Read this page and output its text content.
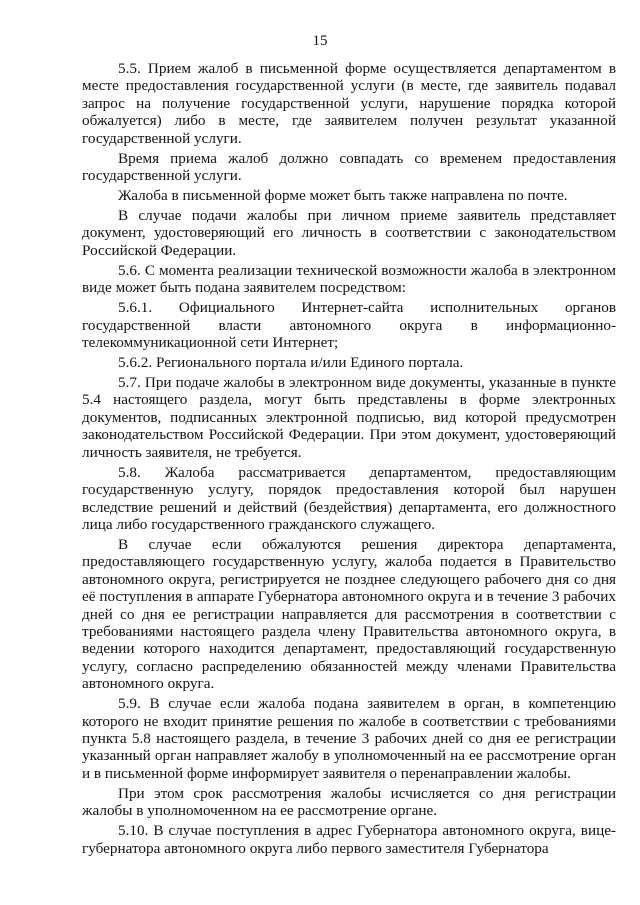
15

5.5. Прием жалоб в письменной форме осуществляется департаментом в месте предоставления государственной услуги (в месте, где заявитель подавал запрос на получение государственной услуги, нарушение порядка которой обжалуется) либо в месте, где заявителем получен результат указанной государственной услуги.

Время приема жалоб должно совпадать со временем предоставления государственной услуги.

Жалоба в письменной форме может быть также направлена по почте.

В случае подачи жалобы при личном приеме заявитель представляет документ, удостоверяющий его личность в соответствии с законодательством Российской Федерации.

5.6. С момента реализации технической возможности жалоба в электронном виде может быть подана заявителем посредством:

5.6.1. Официального Интернет-сайта исполнительных органов государственной власти автономного округа в информационно-телекоммуникационной сети Интернет;

5.6.2. Регионального портала и/или Единого портала.

5.7. При подаче жалобы в электронном виде документы, указанные в пункте 5.4 настоящего раздела, могут быть представлены в форме электронных документов, подписанных электронной подписью, вид которой предусмотрен законодательством Российской Федерации. При этом документ, удостоверяющий личность заявителя, не требуется.

5.8. Жалоба рассматривается департаментом, предоставляющим государственную услугу, порядок предоставления которой был нарушен вследствие решений и действий (бездействия) департамента, его должностного лица либо государственного гражданского служащего.

В случае если обжалуются решения директора департамента, предоставляющего государственную услугу, жалоба подается в Правительство автономного округа, регистрируется не позднее следующего рабочего дня со дня её поступления в аппарате Губернатора автономного округа и в течение 3 рабочих дней со дня ее регистрации направляется для рассмотрения в соответствии с требованиями настоящего раздела члену Правительства автономного округа, в ведении которого находится департамент, предоставляющий государственную услугу, согласно распределению обязанностей между членами Правительства автономного округа.

5.9. В случае если жалоба подана заявителем в орган, в компетенцию которого не входит принятие решения по жалобе в соответствии с требованиями пункта 5.8 настоящего раздела, в течение 3 рабочих дней со дня ее регистрации указанный орган направляет жалобу в уполномоченный на ее рассмотрение орган и в письменной форме информирует заявителя о перенаправлении жалобы.

При этом срок рассмотрения жалобы исчисляется со дня регистрации жалобы в уполномоченном на ее рассмотрение органе.

5.10. В случае поступления в адрес Губернатора автономного округа, вице-губернатора автономного округа либо первого заместителя Губернатора
